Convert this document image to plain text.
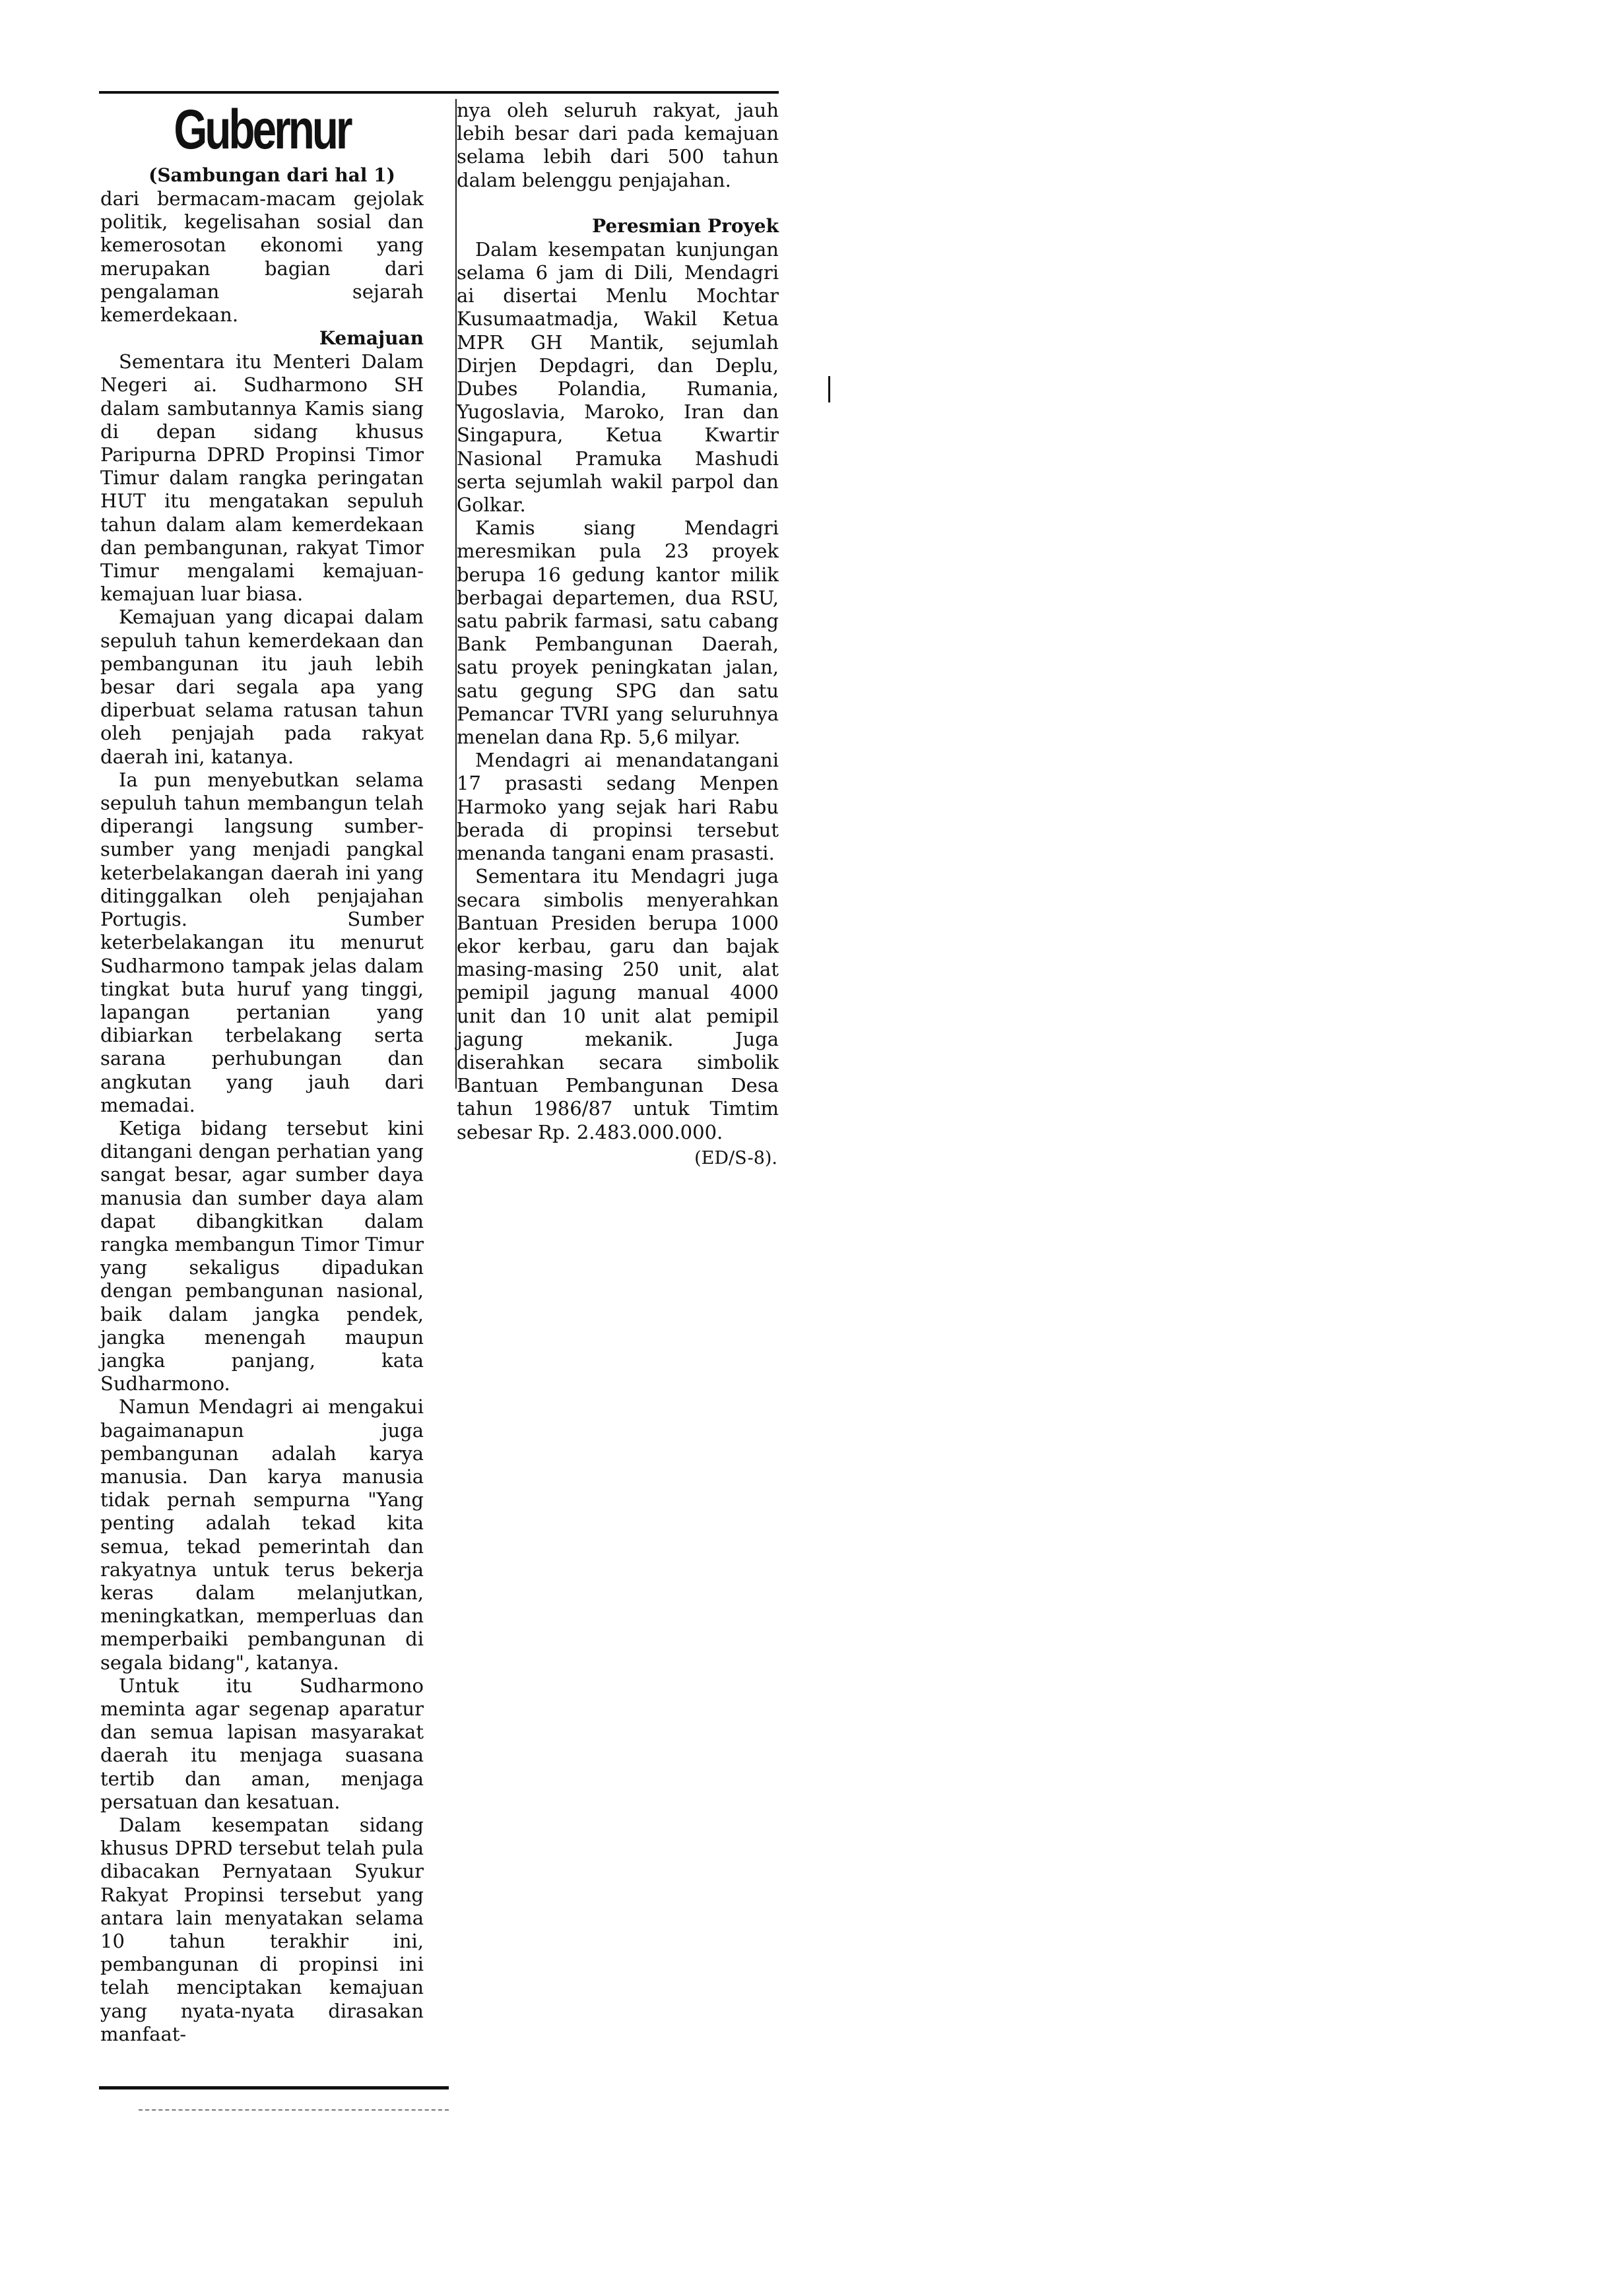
Gubernur
(Sambungan dari hal 1)

dari bermacam-macam gejolak politik, kegelisahan sosial dan kemerosotan ekonomi yang merupakan bagian dari pengalaman sejarah kemerdekaan.

Kemajuan

Sementara itu Menteri Dalam Negeri ai. Sudharmono SH dalam sambutannya Kamis siang di depan sidang khusus Paripurna DPRD Propinsi Timor Timur dalam rangka peringatan HUT itu mengatakan sepuluh tahun dalam alam kemerdekaan dan pembangunan, rakyat Timor Timur mengalami kemajuan-kemajuan luar biasa.

Kemajuan yang dicapai dalam sepuluh tahun kemerdekaan dan pembangunan itu jauh lebih besar dari segala apa yang diperbuat selama ratusan tahun oleh penjajah pada rakyat daerah ini, katanya.

Ia pun menyebutkan selama sepuluh tahun membangun telah diperangi langsung sumber-sumber yang menjadi pangkal keterbelakangan daerah ini yang ditinggalkan oleh penjajahan Portugis. Sumber keterbelakangan itu menurut Sudharmono tampak jelas dalam tingkat buta huruf yang tinggi, lapangan pertanian yang dibiarkan terbelakang serta sarana perhubungan dan angkutan yang jauh dari memadai.

Ketiga bidang tersebut kini ditangani dengan perhatian yang sangat besar, agar sumber daya manusia dan sumber daya alam dapat dibangkitkan dalam rangka membangun Timor Timur yang sekaligus dipadukan dengan pembangunan nasional, baik dalam jangka pendek, jangka menengah maupun jangka panjang, kata Sudharmono.

Namun Mendagri ai mengakui bagaimanapun juga pembangunan adalah karya manusia. Dan karya manusia tidak pernah sempurna "Yang penting adalah tekad kita semua, tekad pemerintah dan rakyatnya untuk terus bekerja keras dalam melanjutkan, meningkatkan, memperluas dan memperbaiki pembangunan di segala bidang", katanya.

Untuk itu Sudharmono meminta agar segenap aparatur dan semua lapisan masyarakat daerah itu menjaga suasana tertib dan aman, menjaga persatuan dan kesatuan.

Dalam kesempatan sidang khusus DPRD tersebut telah pula dibacakan Pernyataan Syukur Rakyat Propinsi tersebut yang antara lain menyatakan selama 10 tahun terakhir ini, pembangunan di propinsi ini telah menciptakan kemajuan yang nyata-nyata dirasakan manfaat-

nya oleh seluruh rakyat, jauh lebih besar dari pada kemajuan selama lebih dari 500 tahun dalam belenggu penjajahan.

Peresmian Proyek

Dalam kesempatan kunjungan selama 6 jam di Dili, Mendagri ai disertai Menlu Mochtar Kusumaatmadja, Wakil Ketua MPR GH Mantik, sejumlah Dirjen Depdagri, dan Deplu, Dubes Polandia, Rumania, Yugoslavia, Maroko, Iran dan Singapura, Ketua Kwartir Nasional Pramuka Mashudi serta sejumlah wakil parpol dan Golkar.

Kamis siang Mendagri meresmikan pula 23 proyek berupa 16 gedung kantor milik berbagai departemen, dua RSU, satu pabrik farmasi, satu cabang Bank Pembangunan Daerah, satu proyek peningkatan jalan, satu gegung SPG dan satu Pemancar TVRI yang seluruhnya menelan dana Rp. 5,6 milyar.

Mendagri ai menandatangani 17 prasasti sedang Menpen Harmoko yang sejak hari Rabu berada di propinsi tersebut menanda tangani enam prasasti.

Sementara itu Mendagri juga secara simbolis menyerahkan Bantuan Presiden berupa 1000 ekor kerbau, garu dan bajak masing-masing 250 unit, alat pemipil jagung manual 4000 unit dan 10 unit alat pemipil jagung mekanik. Juga diserahkan secara simbolik Bantuan Pembangunan Desa tahun 1986/87 untuk Timtim sebesar Rp. 2.483.000.000.

(ED/S-8).
